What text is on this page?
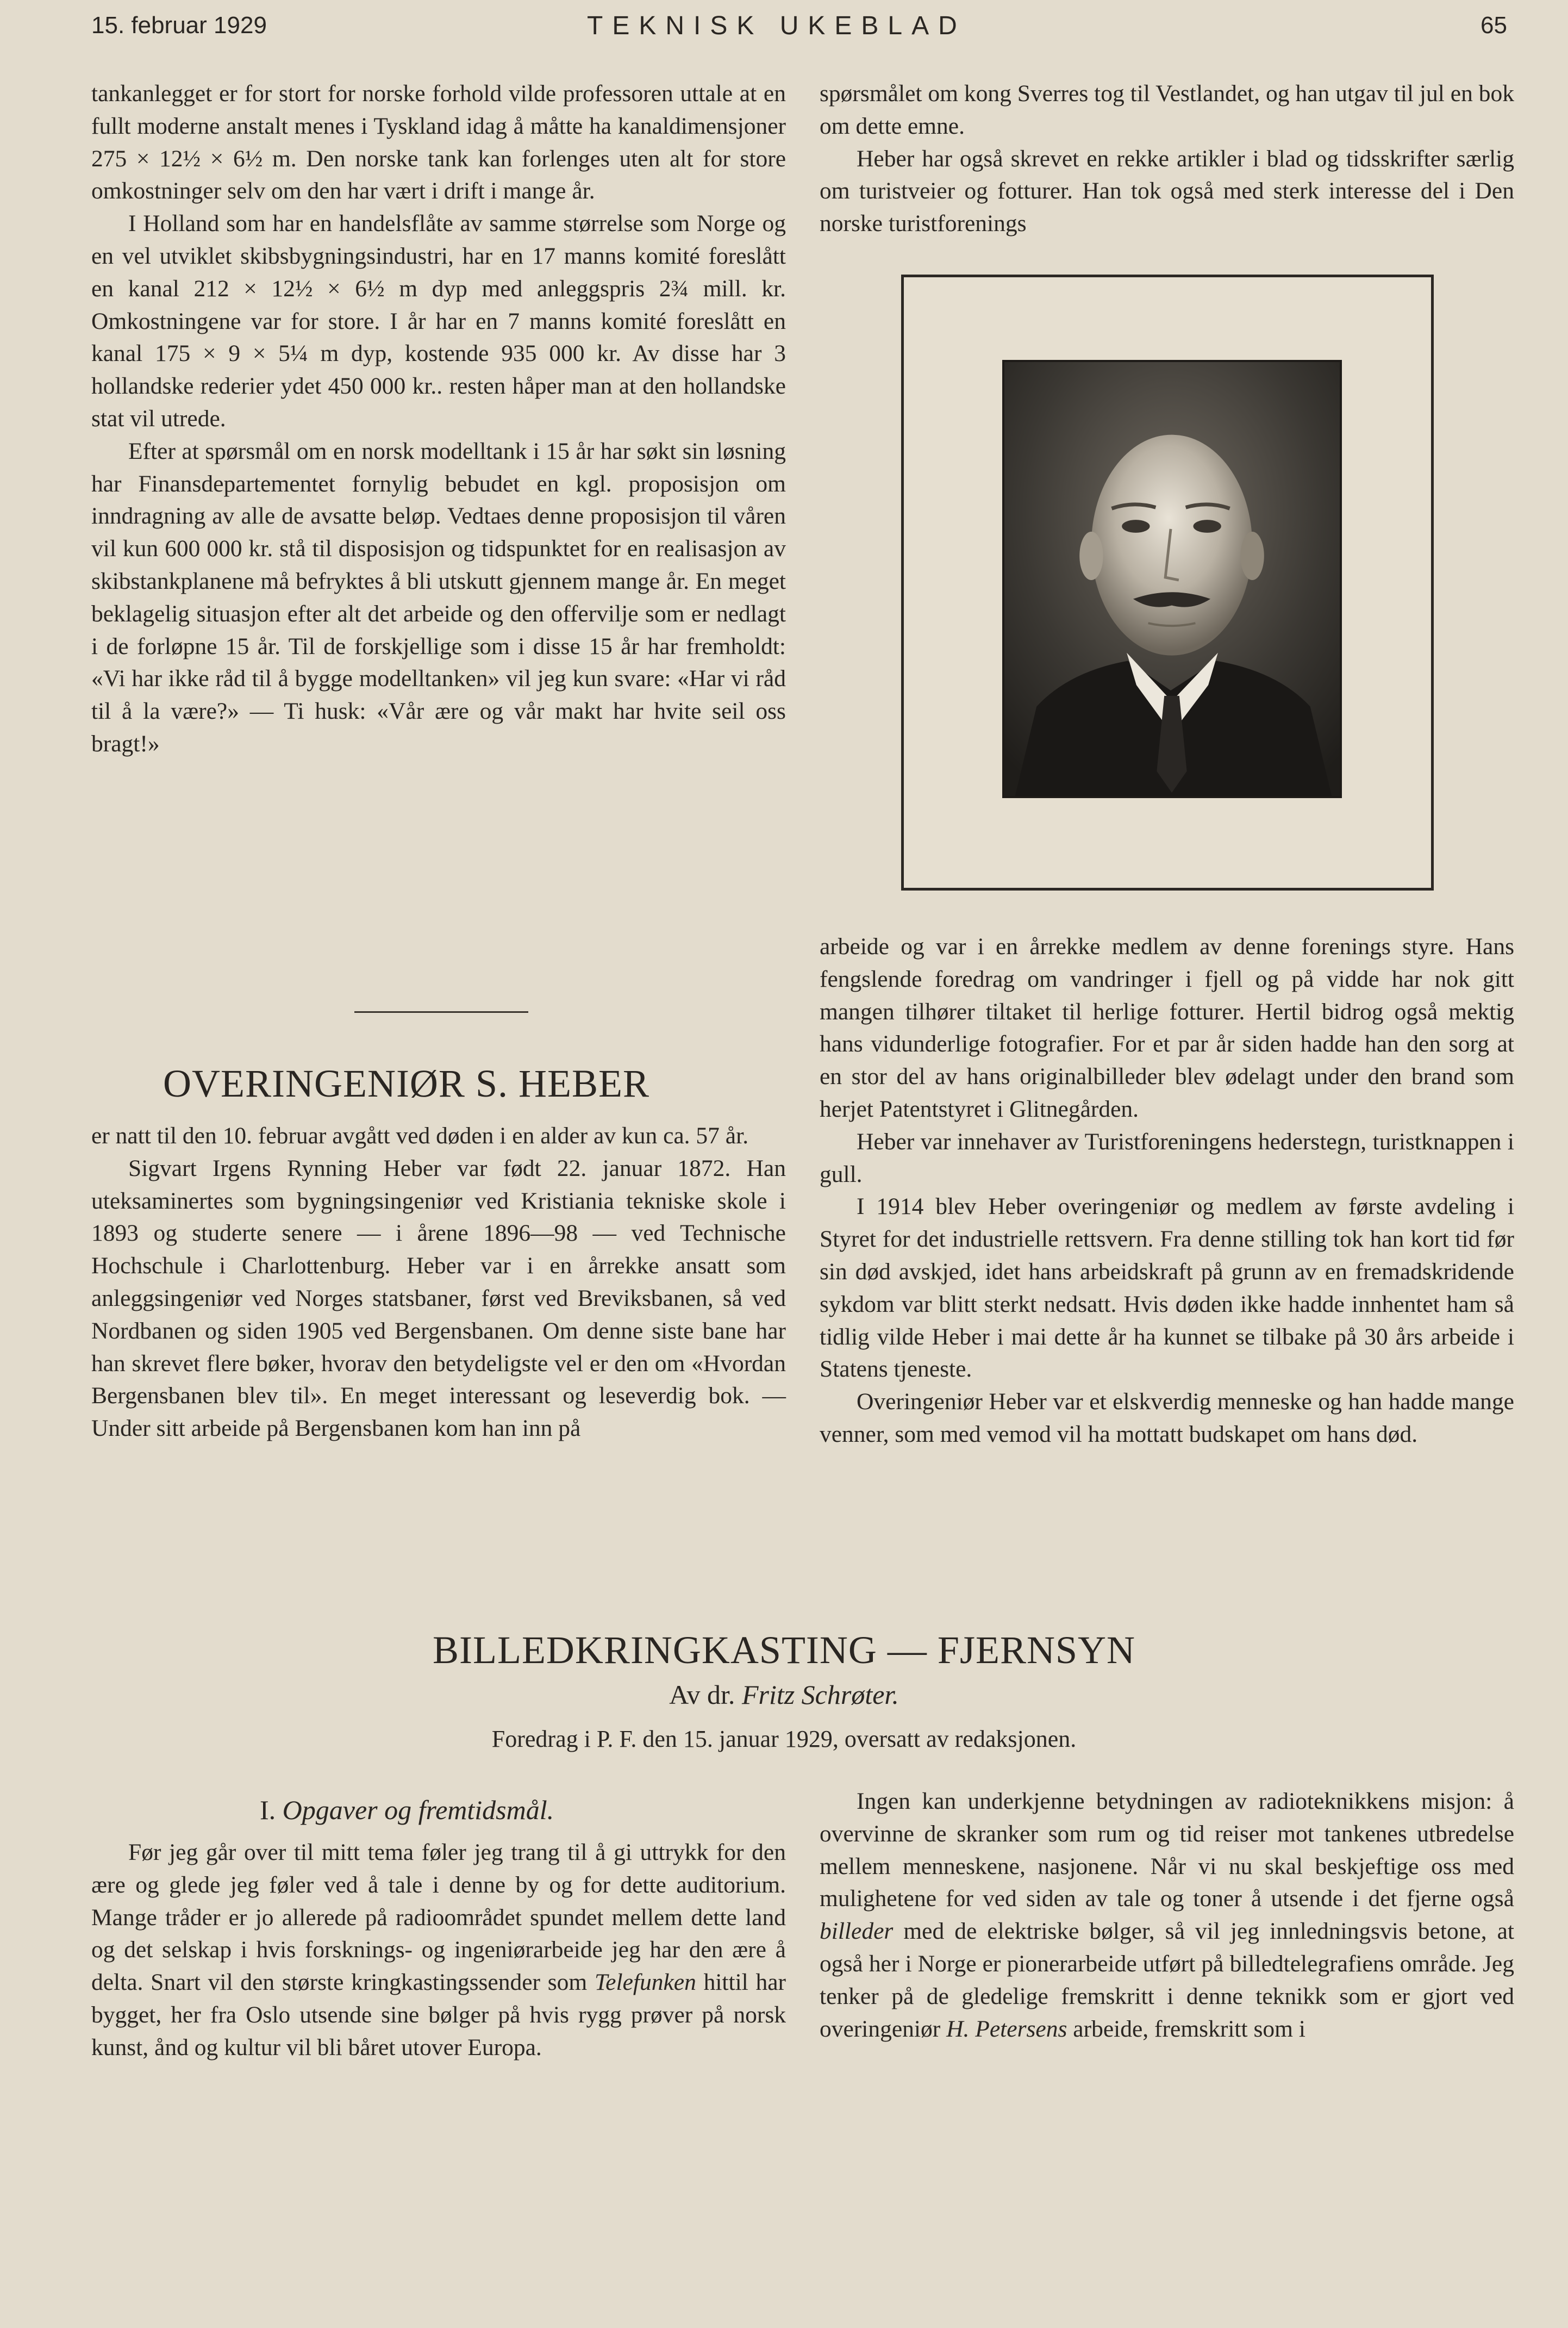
15. februar 1929	TEKNISK UKEBLAD	65

tankanlegget er for stort for norske forhold vilde professoren uttale at en fullt moderne anstalt menes i Tyskland idag å måtte ha kanaldimensjoner 275 × 12½ × 6½ m. Den norske tank kan forlenges uten alt for store omkostninger selv om den har vært i drift i mange år.

I Holland som har en handelsflåte av samme størrelse som Norge og en vel utviklet skibsbygningsindustri, har en 17 manns komité foreslått en kanal 212 × 12½ × 6½ m dyp med anleggspris 2¾ mill. kr. Omkostningene var for store. I år har en 7 manns komité foreslått en kanal 175 × 9 × 5¼ m dyp, kostende 935 000 kr. Av disse har 3 hollandske rederier ydet 450 000 kr.. resten håper man at den hollandske stat vil utrede.

Efter at spørsmål om en norsk modelltank i 15 år har søkt sin løsning har Finansdepartementet fornylig bebudet en kgl. proposisjon om inndragning av alle de avsatte beløp. Vedtaes denne proposisjon til våren vil kun 600 000 kr. stå til disposisjon og tidspunktet for en realisasjon av skibstankplanene må befryktes å bli utskutt gjennem mange år. En meget beklagelig situasjon efter alt det arbeide og den offervilje som er nedlagt i de forløpne 15 år. Til de forskjellige som i disse 15 år har fremholdt: «Vi har ikke råd til å bygge modelltanken» vil jeg kun svare: «Har vi råd til å la være?» — Ti husk: «Vår ære og vår makt har hvite seil oss bragt!»

OVERINGENIØR S. HEBER

er natt til den 10. februar avgått ved døden i en alder av kun ca. 57 år.

Sigvart Irgens Rynning Heber var født 22. januar 1872. Han uteksaminertes som bygningsingeniør ved Kristiania tekniske skole i 1893 og studerte senere — i årene 1896—98 — ved Technische Hochschule i Charlottenburg. Heber var i en årrekke ansatt som anleggsingeniør ved Norges statsbaner, først ved Breviksbanen, så ved Nordbanen og siden 1905 ved Bergensbanen. Om denne siste bane har han skrevet flere bøker, hvorav den betydeligste vel er den om «Hvordan Bergensbanen blev til». En meget interessant og leseverdig bok. — Under sitt arbeide på Bergensbanen kom han inn på

spørsmålet om kong Sverres tog til Vestlandet, og han utgav til jul en bok om dette emne.

Heber har også skrevet en rekke artikler i blad og tidsskrifter særlig om turistveier og fotturer. Han tok også med sterk interesse del i Den norske turistforenings

arbeide og var i en årrekke medlem av denne forenings styre. Hans fengslende foredrag om vandringer i fjell og på vidde har nok gitt mangen tilhører tiltaket til herlige fotturer. Hertil bidrog også mektig hans vidunderlige fotografier. For et par år siden hadde han den sorg at en stor del av hans originalbilleder blev ødelagt under den brand som herjet Patentstyret i Glitnegården.

Heber var innehaver av Turistforeningens hederstegn, turistknappen i gull.

I 1914 blev Heber overingeniør og medlem av første avdeling i Styret for det industrielle rettsvern. Fra denne stilling tok han kort tid før sin død avskjed, idet hans arbeidskraft på grunn av en fremadskridende sykdom var blitt sterkt nedsatt. Hvis døden ikke hadde innhentet ham så tidlig vilde Heber i mai dette år ha kunnet se tilbake på 30 års arbeide i Statens tjeneste.

Overingeniør Heber var et elskverdig menneske og han hadde mange venner, som med vemod vil ha mottatt budskapet om hans død.

BILLEDKRINGKASTING — FJERNSYN
Av dr. Fritz Schrøter.
Foredrag i P. F. den 15. januar 1929, oversatt av redaksjonen.
I. Opgaver og fremtidsmål.

Før jeg går over til mitt tema føler jeg trang til å gi uttrykk for den ære og glede jeg føler ved å tale i denne by og for dette auditorium. Mange tråder er jo allerede på radioområdet spundet mellem dette land og det selskap i hvis forsknings- og ingeniørarbeide jeg har den ære å delta. Snart vil den største kringkastingssender som Telefunken hittil har bygget, her fra Oslo utsende sine bølger på hvis rygg prøver på norsk kunst, ånd og kultur vil bli båret utover Europa.

Ingen kan underkjenne betydningen av radioteknikkens misjon: å overvinne de skranker som rum og tid reiser mot tankenes utbredelse mellem menneskene, nasjonene. Når vi nu skal beskjeftige oss med mulighetene for ved siden av tale og toner å utsende i det fjerne også billeder med de elektriske bølger, så vil jeg innledningsvis betone, at også her i Norge er pionerarbeide utført på billedtelegrafiens område. Jeg tenker på de gledelige fremskritt i denne teknikk som er gjort ved overingeniør H. Petersens arbeide, fremskritt som i
